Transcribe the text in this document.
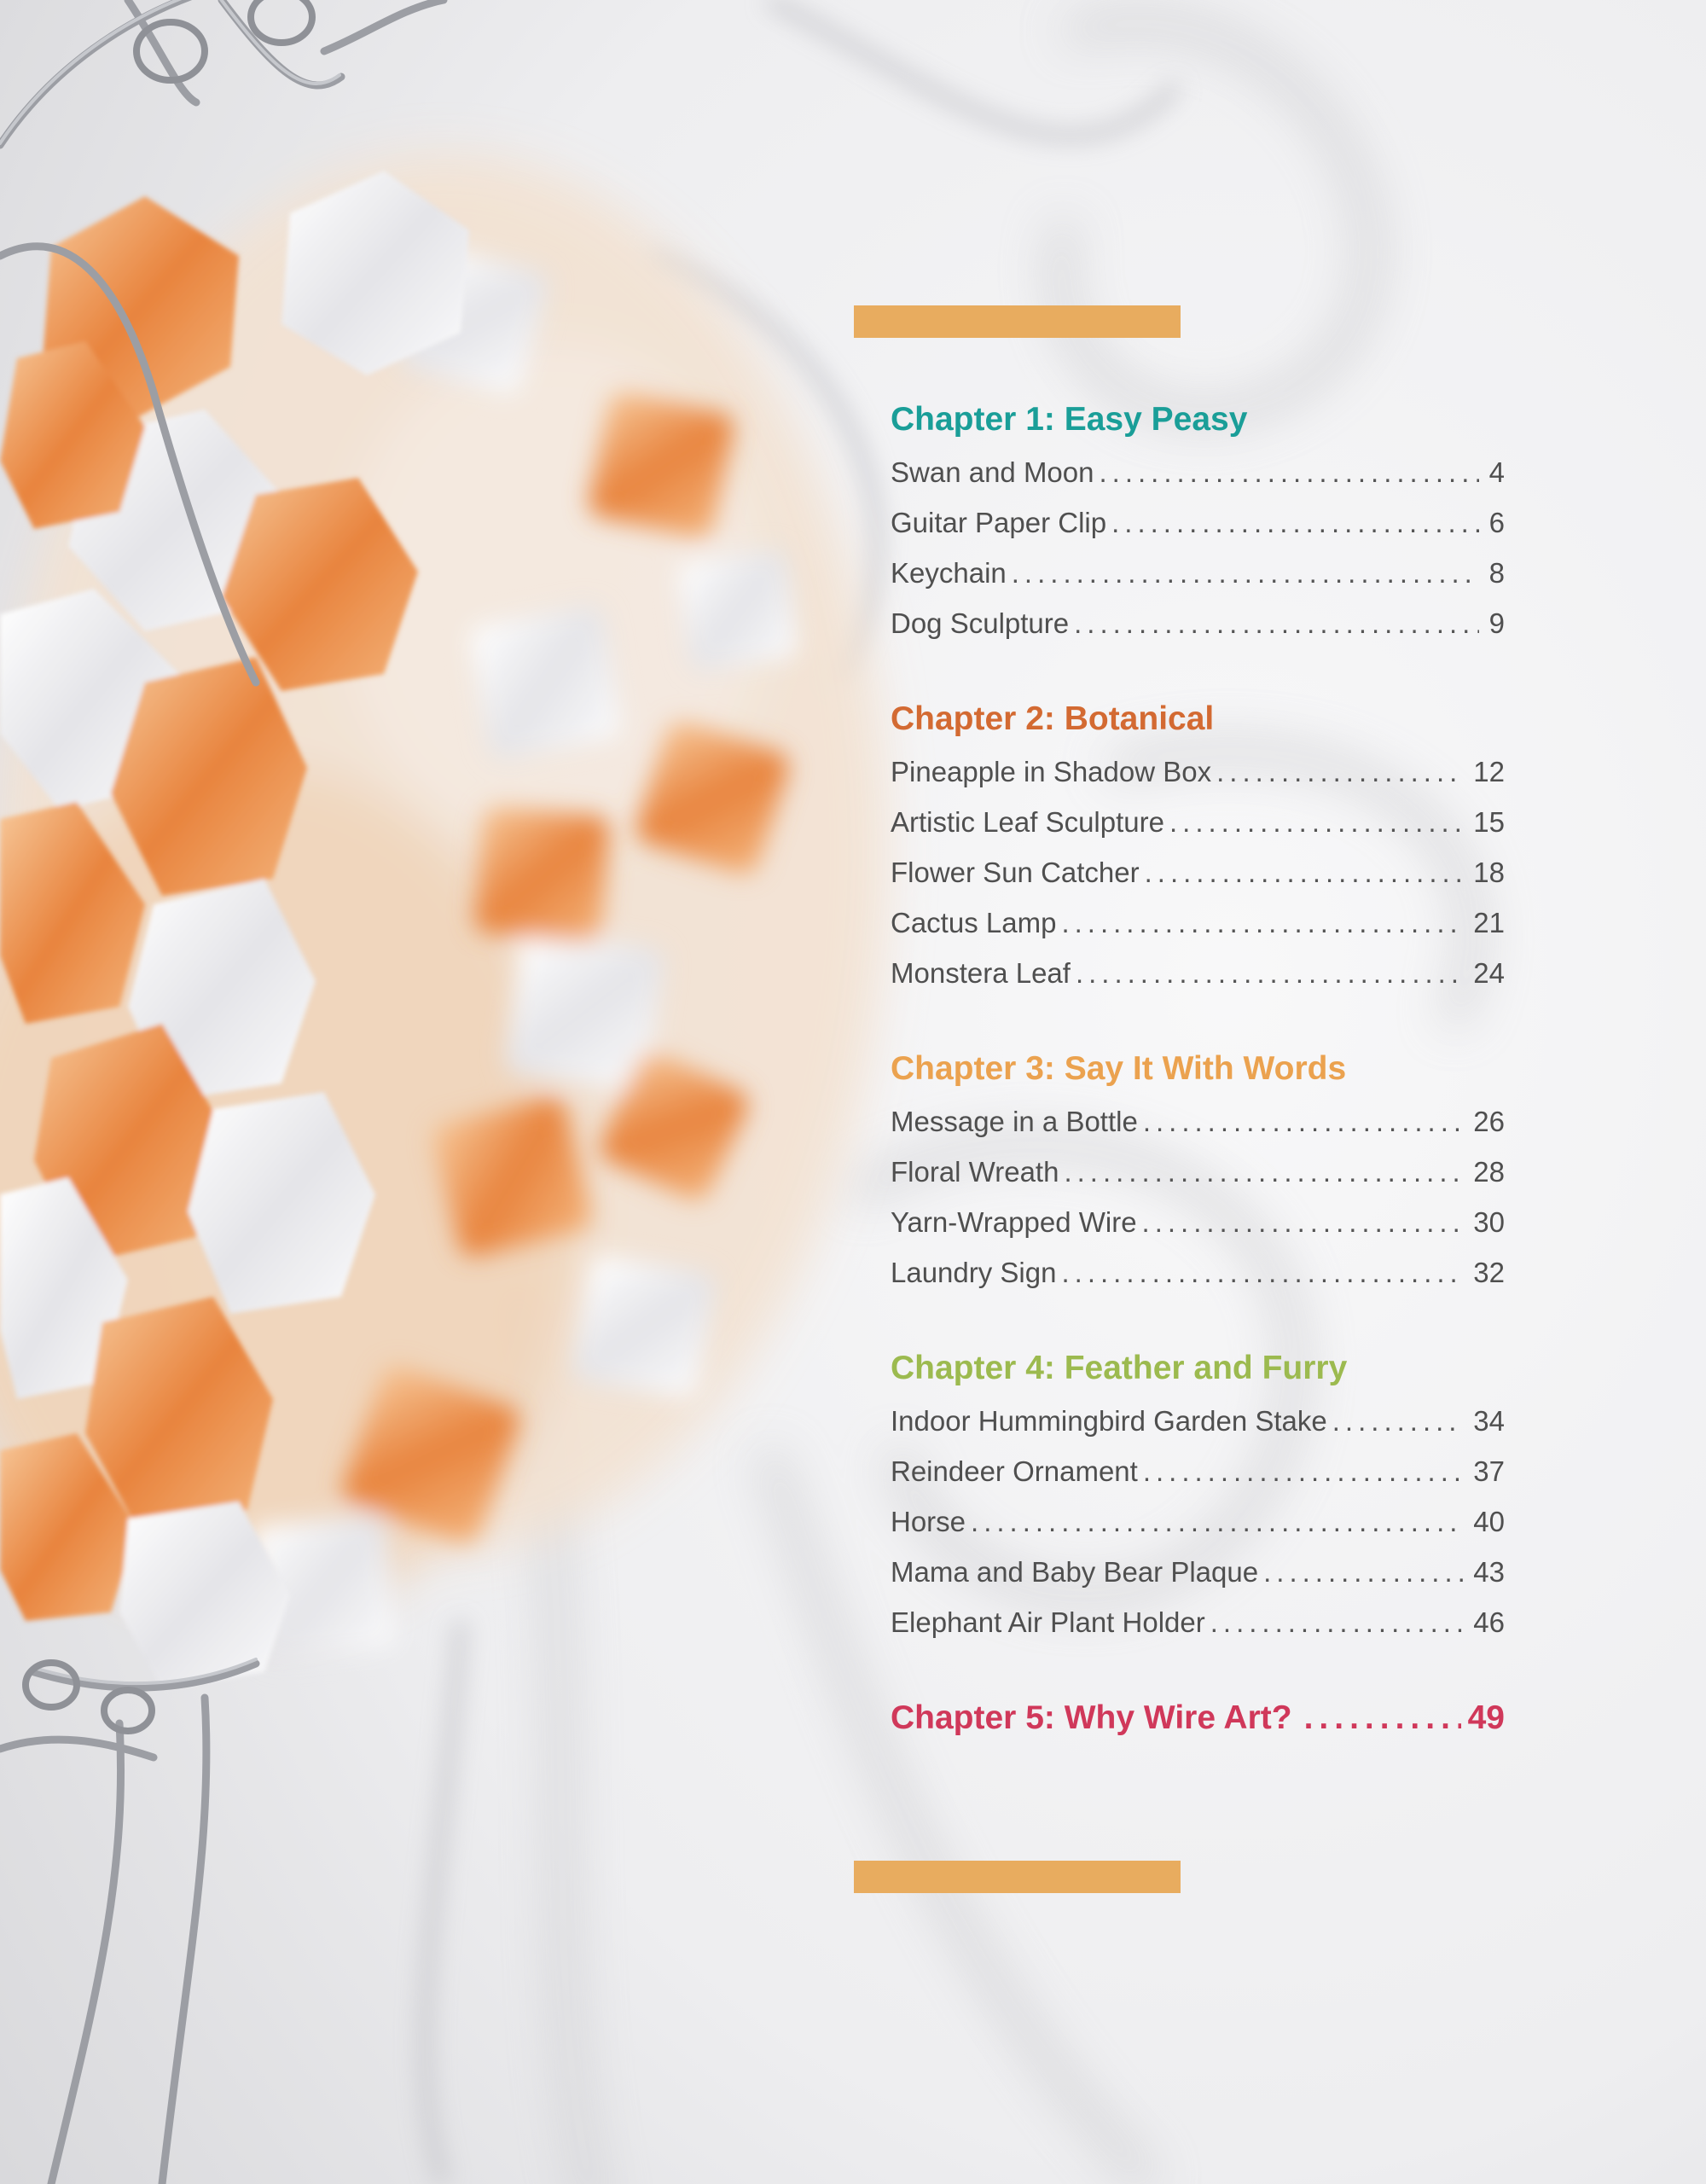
Chapter 1: Easy Peasy
Swan and Moon .....	4
Guitar Paper Clip .....	6
Keychain .....	8
Dog Sculpture .....	9
Chapter 2: Botanical
Pineapple in Shadow Box .....	12
Artistic Leaf Sculpture .....	15
Flower Sun Catcher .....	18
Cactus Lamp .....	21
Monstera Leaf .....	24
Chapter 3: Say It With Words
Message in a Bottle .....	26
Floral Wreath .....	28
Yarn-Wrapped Wire .....	30
Laundry Sign .....	32
Chapter 4: Feather and Furry
Indoor Hummingbird Garden Stake .....	34
Reindeer Ornament .....	37
Horse .....	40
Mama and Baby Bear Plaque .....	43
Elephant Air Plant Holder .....	46
Chapter 5: Why Wire Art? .....	49
